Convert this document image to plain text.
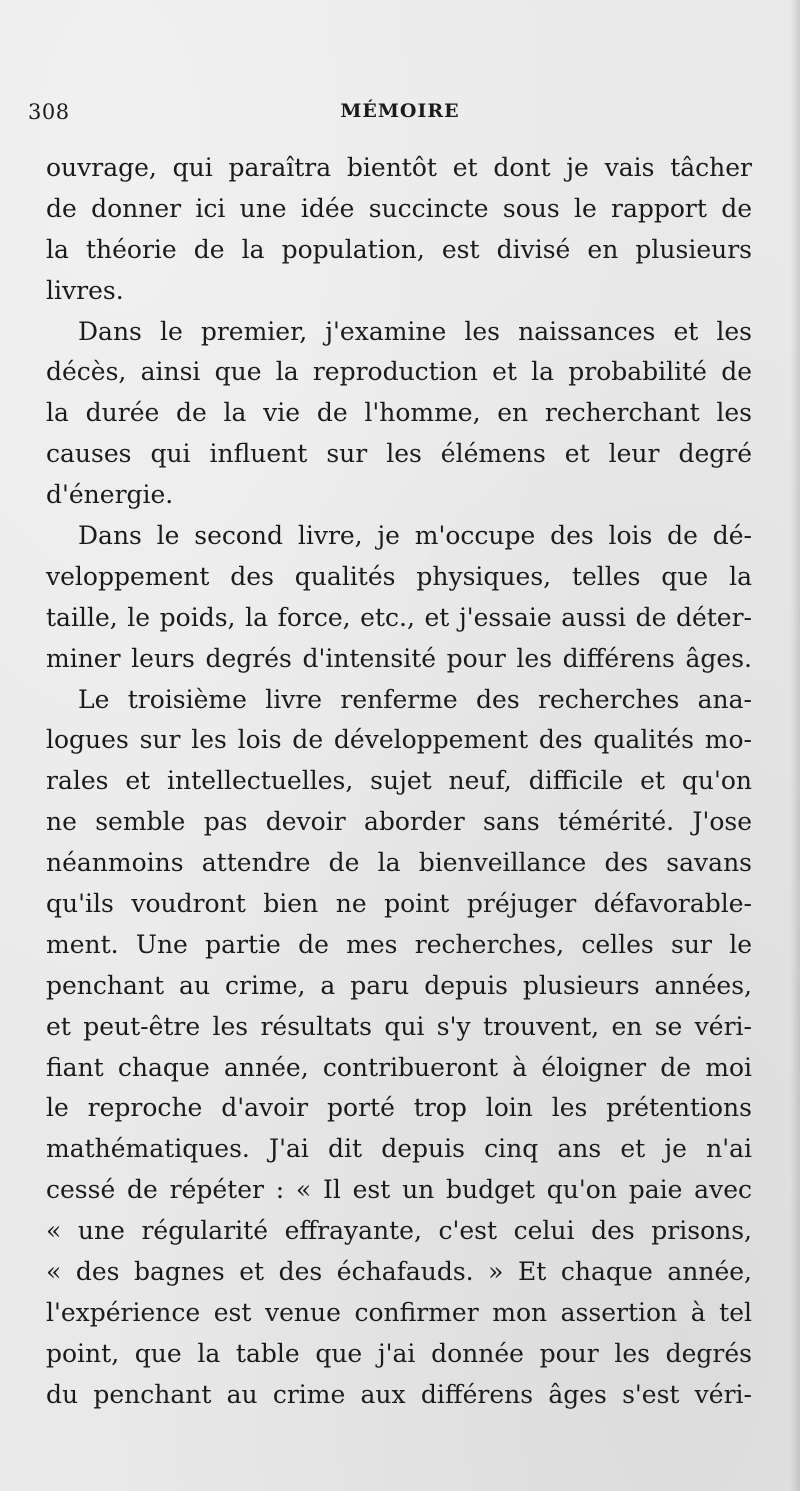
308	MÉMOIRE
ouvrage, qui paraîtra bientôt et dont je vais tâcher
de donner ici une idée succincte sous le rapport de
la théorie de la population, est divisé en plusieurs
livres.
Dans le premier, j'examine les naissances et les
décès, ainsi que la reproduction et la probabilité de
la durée de la vie de l'homme, en recherchant les
causes qui influent sur les élémens et leur degré
d'énergie.
Dans le second livre, je m'occupe des lois de dé-
veloppement des qualités physiques, telles que la
taille, le poids, la force, etc., et j'essaie aussi de déter-
miner leurs degrés d'intensité pour les différens âges.
Le troisième livre renferme des recherches ana-
logues sur les lois de développement des qualités mo-
rales et intellectuelles, sujet neuf, difficile et qu'on
ne semble pas devoir aborder sans témérité. J'ose
néanmoins attendre de la bienveillance des savans
qu'ils voudront bien ne point préjuger défavorable-
ment. Une partie de mes recherches, celles sur le
penchant au crime, a paru depuis plusieurs années,
et peut-être les résultats qui s'y trouvent, en se véri-
fiant chaque année, contribueront à éloigner de moi
le reproche d'avoir porté trop loin les prétentions
mathématiques. J'ai dit depuis cinq ans et je n'ai
cessé de répéter : « Il est un budget qu'on paie avec
« une régularité effrayante, c'est celui des prisons,
« des bagnes et des échafauds. » Et chaque année,
l'expérience est venue confirmer mon assertion à tel
point, que la table que j'ai donnée pour les degrés
du penchant au crime aux différens âges s'est véri-
